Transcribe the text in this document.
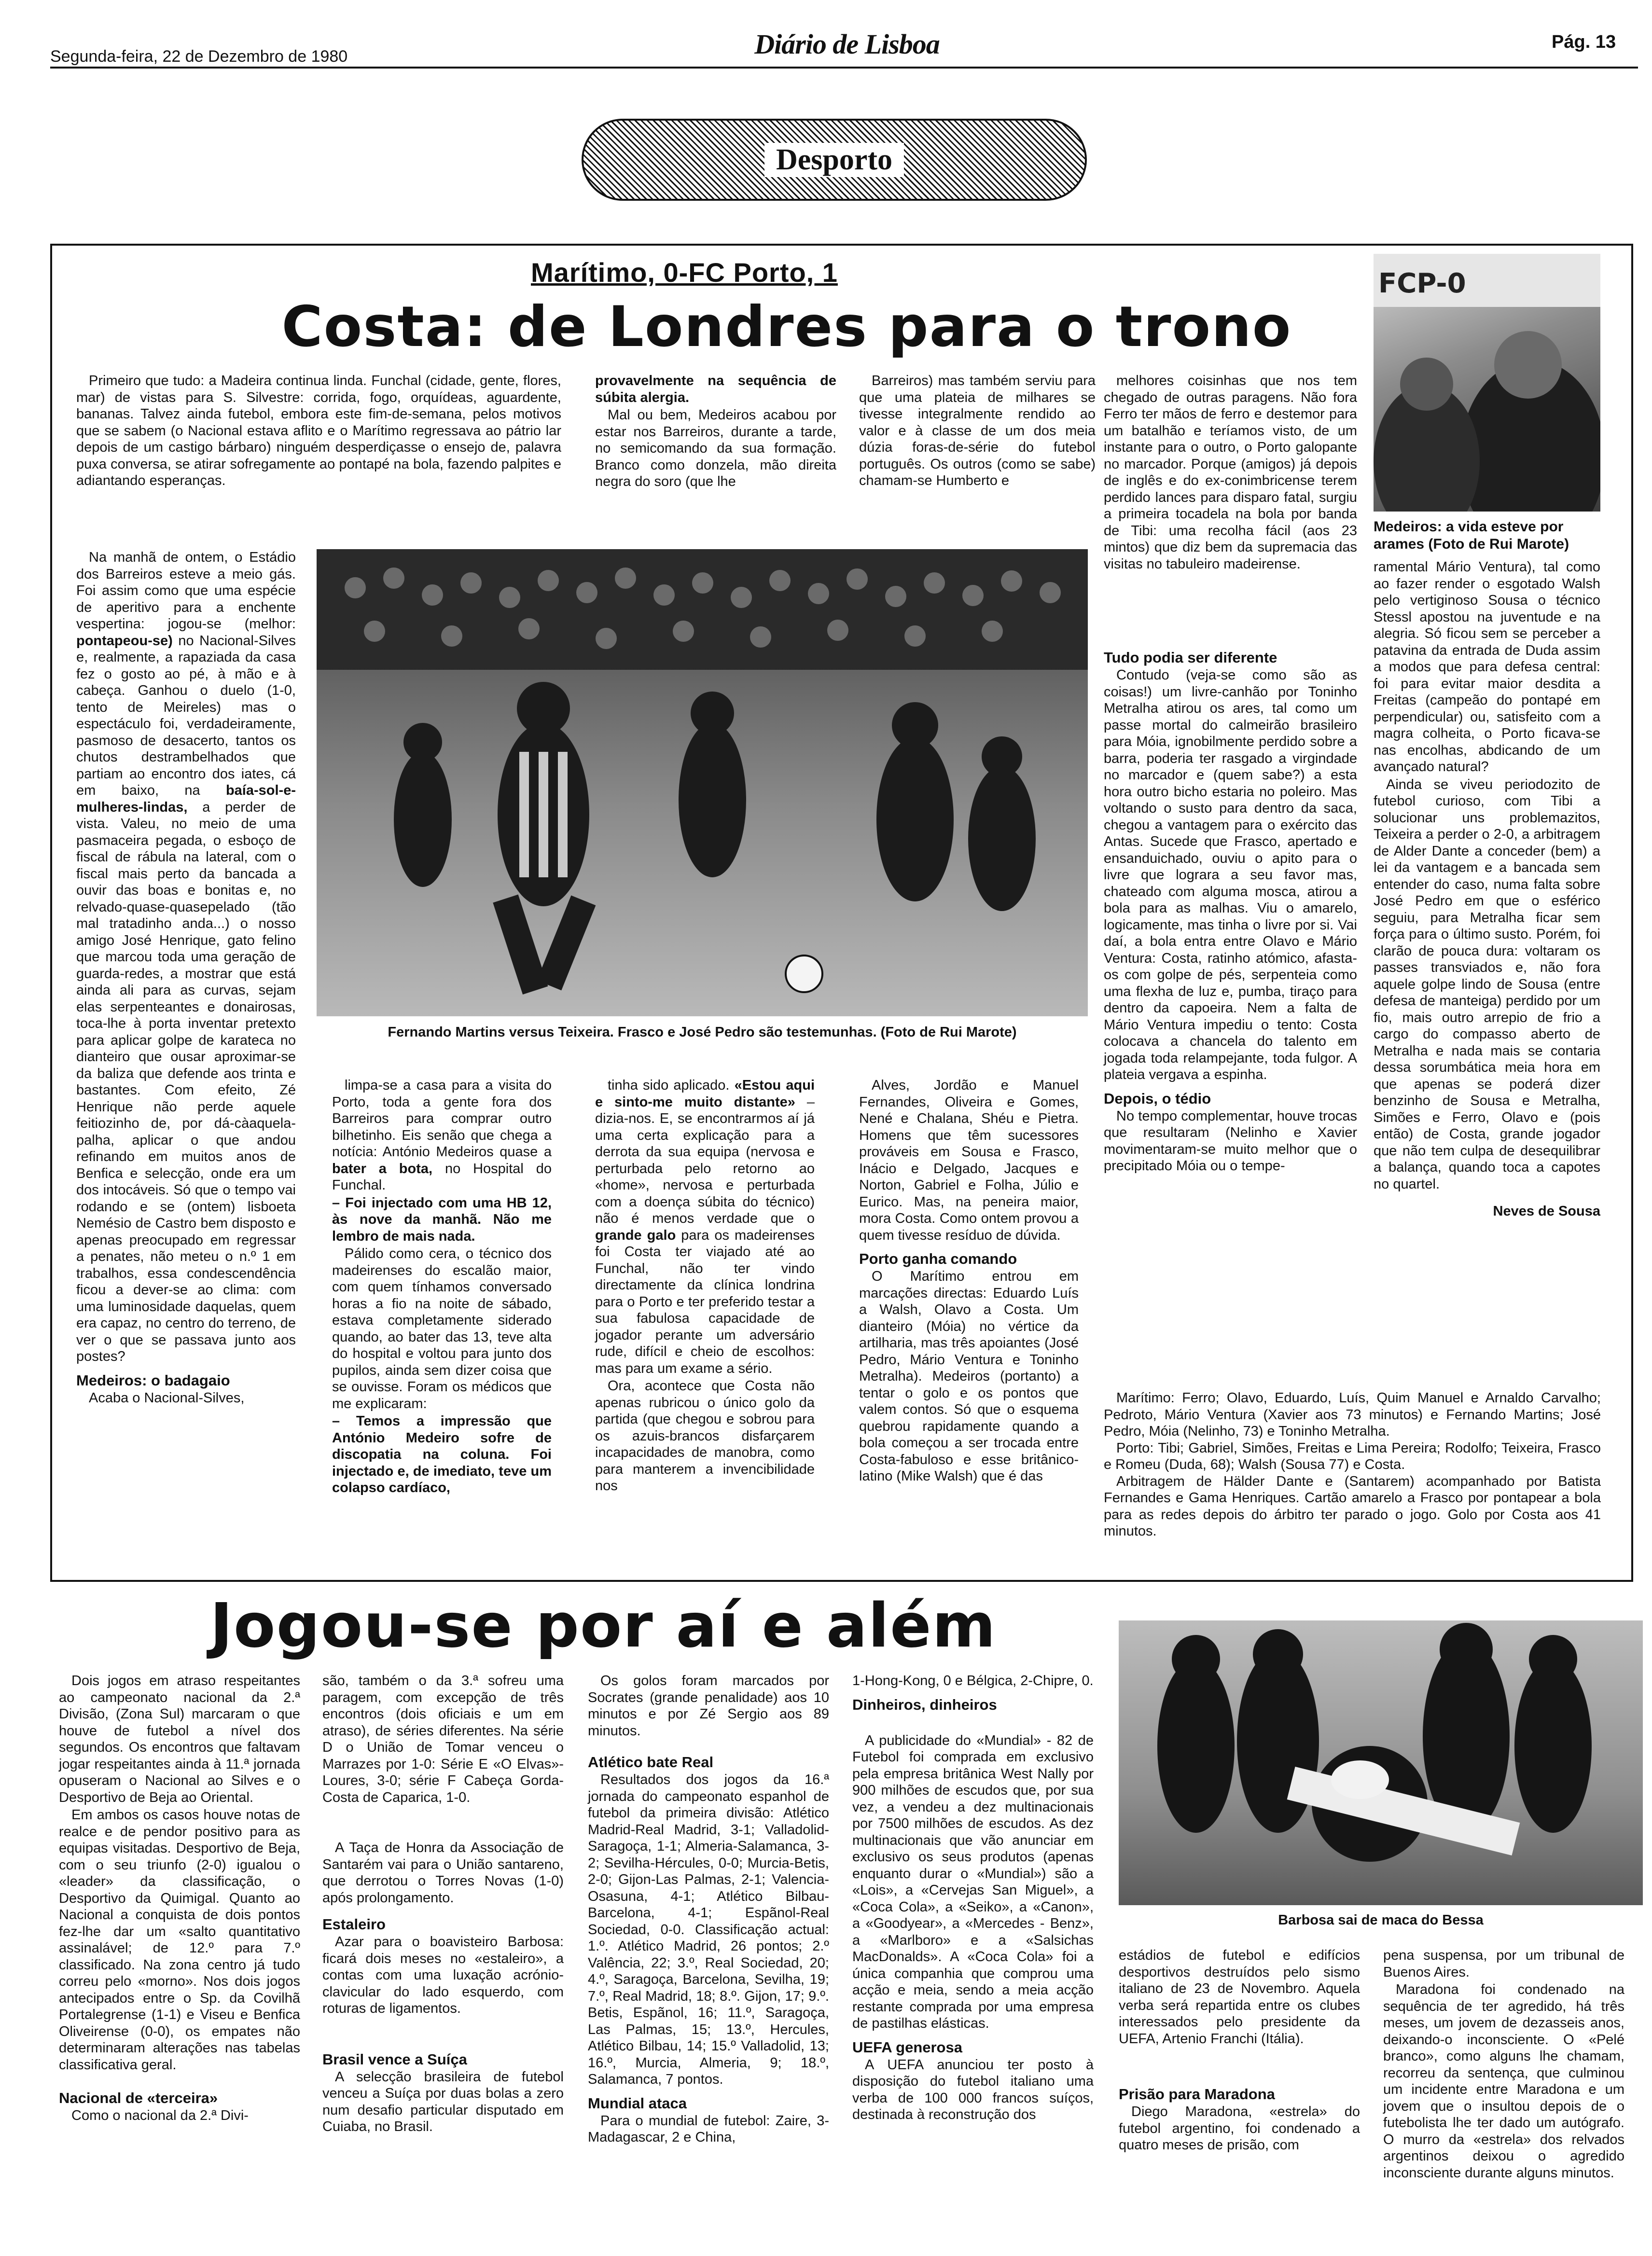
Segunda-feira, 22 de Dezembro de 1980	Diário de Lisboa	Pág. 13
Desporto
Marítimo, 0-FC Porto, 1
Costa: de Londres para o trono

Primeiro que tudo: a Madeira continua linda. Funchal (cidade, gente, flores, mar) de vistas para S. Silvestre: corrida, fogo, orquídeas, aguardente, bananas. Talvez ainda futebol, embora este fim-de-semana, pelos motivos que se sabem (o Nacional estava aflito e o Marítimo regressava ao pátrio lar depois de um castigo bárbaro) ninguém desperdiçasse o ensejo de, palavra puxa conversa, se atirar sofregamente ao pontapé na bola, fazendo palpites e adiantando esperanças.

provavelmente na sequência de súbita alergia.

Mal ou bem, Medeiros acabou por estar nos Barreiros, durante a tarde, no semicomando da sua formação. Branco como donzela, mão direita negra do soro (que lhe

Barreiros) mas também serviu para que uma plateia de milhares se tivesse integralmente rendido ao valor e à classe de um dos meia dúzia foras-de-série do futebol português. Os outros (como se sabe) chamam-se Humberto e

melhores coisinhas que nos tem chegado de outras paragens. Não fora Ferro ter mãos de ferro e destemor para um batalhão e teríamos visto, de um instante para o outro, o Porto galopante no marcador. Porque (amigos) já depois de inglês e do ex-conimbricense terem perdido lances para disparo fatal, surgiu a primeira tocadela na bola por banda de Tibi: uma recolha fácil (aos 23 mintos) que diz bem da supremacia das visitas no tabuleiro madeirense.

Na manhã de ontem, o Estádio dos Barreiros esteve a meio gás. Foi assim como que uma espécie de aperitivo para a enchente vespertina: jogou-se (melhor: pontapeou-se) no Nacional-Silves e, realmente, a rapaziada da casa fez o gosto ao pé, à mão e à cabeça. Ganhou o duelo (1-0, tento de Meireles) mas o espectáculo foi, verdadeiramente, pasmoso de desacerto, tantos os chutos destrambelhados que partiam ao encontro dos iates, cá em baixo, na baía-sol-e-mulheres-lindas, a perder de vista. Valeu, no meio de uma pasmaceira pegada, o esboço de fiscal de rábula na lateral, com o fiscal mais perto da bancada a ouvir das boas e bonitas e, no relvado-quase-quasepelado (tão mal tratadinho anda...) o nosso amigo José Henrique, gato felino que marcou toda uma geração de guarda-redes, a mostrar que está ainda ali para as curvas, sejam elas serpenteantes e donairosas, toca-lhe à porta inventar pretexto para aplicar golpe de karateca no dianteiro que ousar aproximar-se da baliza que defende aos trinta e bastantes. Com efeito, Zé Henrique não perde aquele feitiozinho de, por dá-càaquela-palha, aplicar o que andou refinando em muitos anos de Benfica e selecção, onde era um dos intocáveis. Só que o tempo vai rodando e se (ontem) lisboeta Nemésio de Castro bem disposto e apenas preocupado em regressar a penates, não meteu o n.º 1 em trabalhos, essa condescendência ficou a dever-se ao clima: com uma luminosidade daquelas, quem era capaz, no centro do terreno, de ver o que se passava junto aos postes?

Medeiros: o badagaio

Acaba o Nacional-Silves,

Fernando Martins versus Teixeira. Frasco e José Pedro são testemunhas. (Foto de Rui Marote)

limpa-se a casa para a visita do Porto, toda a gente fora dos Barreiros para comprar outro bilhetinho. Eis senão que chega a notícia: António Medeiros quase a bater a bota, no Hospital do Funchal.

– Foi injectado com uma HB 12, às nove da manhã. Não me lembro de mais nada.

Pálido como cera, o técnico dos madeirenses do escalão maior, com quem tínhamos conversado horas a fio na noite de sábado, estava completamente siderado quando, ao bater das 13, teve alta do hospital e voltou para junto dos pupilos, ainda sem dizer coisa que se ouvisse. Foram os médicos que me explicaram:

– Temos a impressão que António Medeiro sofre de discopatia na coluna. Foi injectado e, de imediato, teve um colapso cardíaco,

tinha sido aplicado. «Estou aqui e sinto-me muito distante» – dizia-nos. E, se encontrarmos aí já uma certa explicação para a derrota da sua equipa (nervosa e perturbada pelo retorno ao «home», nervosa e perturbada com a doença súbita do técnico) não é menos verdade que o grande galo para os madeirenses foi Costa ter viajado até ao Funchal, não ter vindo directamente da clínica londrina para o Porto e ter preferido testar a sua fabulosa capacidade de jogador perante um adversário rude, difícil e cheio de escolhos: mas para um exame a sério.

Ora, acontece que Costa não apenas rubricou o único golo da partida (que chegou e sobrou para os azuis-brancos disfarçarem incapacidades de manobra, como para manterem a invencibilidade nos

Alves, Jordão e Manuel Fernandes, Oliveira e Gomes, Nené e Chalana, Shéu e Pietra. Homens que têm sucessores prováveis em Sousa e Frasco, Inácio e Delgado, Jacques e Norton, Gabriel e Folha, Júlio e Eurico. Mas, na peneira maior, mora Costa. Como ontem provou a quem tivesse resíduo de dúvida.

Porto ganha comando

O Marítimo entrou em marcações directas: Eduardo Luís a Walsh, Olavo a Costa. Um dianteiro (Móia) no vértice da artilharia, mas três apoiantes (José Pedro, Mário Ventura e Toninho Metralha). Medeiros (portanto) a tentar o golo e os pontos que valem contos. Só que o esquema quebrou rapidamente quando a bola começou a ser trocada entre Costa-fabuloso e esse britânico-latino (Mike Walsh) que é das

Tudo podia ser diferente

Contudo (veja-se como são as coisas!) um livre-canhão por Toninho Metralha atirou os ares, tal como um passe mortal do calmeirão brasileiro para Móia, ignobilmente perdido sobre a barra, poderia ter rasgado a virgindade no marcador e (quem sabe?) a esta hora outro bicho estaria no poleiro. Mas voltando o susto para dentro da saca, chegou a vantagem para o exército das Antas. Sucede que Frasco, apertado e ensanduichado, ouviu o apito para o livre que lograra a seu favor mas, chateado com alguma mosca, atirou a bola para as malhas. Viu o amarelo, logicamente, mas tinha o livre por si. Vai daí, a bola entra entre Olavo e Mário Ventura: Costa, ratinho atómico, afasta-os com golpe de pés, serpenteia como uma flexha de luz e, pumba, tiraço para dentro da capoeira. Nem a falta de Mário Ventura impediu o tento: Costa colocava a chancela do talento em jogada toda relampejante, toda fulgor. A plateia vergava a espinha.

Depois, o tédio

No tempo complementar, houve trocas que resultaram (Nelinho e Xavier movimentaram-se muito melhor que o precipitado Móia ou o tempe-

FCP-0
Medeiros: a vida esteve por arames (Foto de Rui Marote)

ramental Mário Ventura), tal como ao fazer render o esgotado Walsh pelo vertiginoso Sousa o técnico Stessl apostou na juventude e na alegria. Só ficou sem se perceber a patavina da entrada de Duda assim a modos que para defesa central: foi para evitar maior desdita a Freitas (campeão do pontapé em perpendicular) ou, satisfeito com a magra colheita, o Porto ficava-se nas encolhas, abdicando de um avançado natural?

Ainda se viveu periodozito de futebol curioso, com Tibi a solucionar uns problemazitos, Teixeira a perder o 2-0, a arbitragem de Alder Dante a conceder (bem) a lei da vantagem e a bancada sem entender do caso, numa falta sobre José Pedro em que o esférico seguiu, para Metralha ficar sem força para o último susto. Porém, foi clarão de pouca dura: voltaram os passes transviados e, não fora aquele golpe lindo de Sousa (entre defesa de manteiga) perdido por um fio, mais outro arrepio de frio a cargo do compasso aberto de Metralha e nada mais se contaria dessa sorumbática meia hora em que apenas se poderá dizer benzinho de Sousa e Metralha, Simões e Ferro, Olavo e (pois então) de Costa, grande jogador que não tem culpa de desequilibrar a balança, quando toca a capotes no quartel.

Neves de Sousa

Marítimo: Ferro; Olavo, Eduardo, Luís, Quim Manuel e Arnaldo Carvalho; Pedroto, Mário Ventura (Xavier aos 73 minutos) e Fernando Martins; José Pedro, Móia (Nelinho, 73) e Toninho Metralha.

Porto: Tibi; Gabriel, Simões, Freitas e Lima Pereira; Rodolfo; Teixeira, Frasco e Romeu (Duda, 68); Walsh (Sousa 77) e Costa.

Arbitragem de Hälder Dante e (Santarem) acompanhado por Batista Fernandes e Gama Henriques. Cartão amarelo a Frasco por pontapear a bola para as redes depois do árbitro ter parado o jogo. Golo por Costa aos 41 minutos.

Jogou-se por aí e além

Dois jogos em atraso respeitantes ao campeonato nacional da 2.ª Divisão, (Zona Sul) marcaram o que houve de futebol a nível dos segundos. Os encontros que faltavam jogar respeitantes ainda à 11.ª jornada opuseram o Nacional ao Silves e o Desportivo de Beja ao Oriental.

Em ambos os casos houve notas de realce e de pendor positivo para as equipas visitadas. Desportivo de Beja, com o seu triunfo (2-0) igualou o «leader» da classificação, o Desportivo da Quimigal. Quanto ao Nacional a conquista de dois pontos fez-lhe dar um «salto quantitativo assinalável; de 12.º para 7.º classificado. Na zona centro já tudo correu pelo «morno». Nos dois jogos antecipados entre o Sp. da Covilhã Portalegrense (1-1) e Viseu e Benfica Oliveirense (0-0), os empates não determinaram alterações nas tabelas classificativa geral.

Nacional de «terceira»

Como o nacional da 2.ª Divi-

são, também o da 3.ª sofreu uma paragem, com excepção de três encontros (dois oficiais e um em atraso), de séries diferentes. Na série D o União de Tomar venceu o Marrazes por 1-0: Série E «O Elvas»-Loures, 3-0; série F Cabeça Gorda-Costa de Caparica, 1-0.

A Taça de Honra da Associação de Santarém vai para o União santareno, que derrotou o Torres Novas (1-0) após prolongamento.

Estaleiro

Azar para o boavisteiro Barbosa: ficará dois meses no «estaleiro», a contas com uma luxação acrónio-clavicular do lado esquerdo, com roturas de ligamentos.

Brasil vence a Suíça

A selecção brasileira de futebol venceu a Suíça por duas bolas a zero num desafio particular disputado em Cuiaba, no Brasil.

Os golos foram marcados por Socrates (grande penalidade) aos 10 minutos e por Zé Sergio aos 89 minutos.

Atlético bate Real

Resultados dos jogos da 16.ª jornada do campeonato espanhol de futebol da primeira divisão: Atlético Madrid-Real Madrid, 3-1; Valladolid-Saragoça, 1-1; Almeria-Salamanca, 3-2; Sevilha-Hércules, 0-0; Murcia-Betis, 2-0; Gijon-Las Palmas, 2-1; Valencia-Osasuna, 4-1; Atlético Bilbau-Barcelona, 4-1; Espãnol-Real Sociedad, 0-0. Classificação actual: 1.º. Atlético Madrid, 26 pontos; 2.º Valência, 22; 3.º, Real Sociedad, 20; 4.º, Saragoça, Barcelona, Sevilha, 19; 7.º, Real Madrid, 18; 8.º. Gijon, 17; 9.º. Betis, Espãnol, 16; 11.º, Saragoça, Las Palmas, 15; 13.º, Hercules, Atlético Bilbau, 14; 15.º Valladolid, 13; 16.º, Murcia, Almeria, 9; 18.º, Salamanca, 7 pontos.

Mundial ataca

Para o mundial de futebol: Zaire, 3-Madagascar, 2 e China,

1-Hong-Kong, 0 e Bélgica, 2-Chipre, 0.

Dinheiros, dinheiros

A publicidade do «Mundial» - 82 de Futebol foi comprada em exclusivo pela empresa britânica West Nally por 900 milhões de escudos que, por sua vez, a vendeu a dez multinacionais por 7500 milhões de escudos. As dez multinacionais que vão anunciar em exclusivo os seus produtos (apenas enquanto durar o «Mundial») são a «Lois», a «Cervejas San Miguel», a «Coca Cola», a «Seiko», a «Canon», a «Goodyear», a «Mercedes - Benz», a «Marlboro» e a «Salsichas MacDonalds». A «Coca Cola» foi a única companhia que comprou uma acção e meia, sendo a meia acção restante comprada por uma empresa de pastilhas elásticas.

UEFA generosa

A UEFA anunciou ter posto à disposição do futebol italiano uma verba de 100 000 francos suíços, destinada à reconstrução dos

Barbosa sai de maca do Bessa

estádios de futebol e edifícios desportivos destruídos pelo sismo italiano de 23 de Novembro. Aquela verba será repartida entre os clubes interessados pelo presidente da UEFA, Artenio Franchi (Itália).

Prisão para Maradona

Diego Maradona, «estrela» do futebol argentino, foi condenado a quatro meses de prisão, com

pena suspensa, por um tribunal de Buenos Aires.

Maradona foi condenado na sequência de ter agredido, há três meses, um jovem de dezasseis anos, deixando-o inconsciente. O «Pelé branco», como alguns lhe chamam, recorreu da sentença, que culminou um incidente entre Maradona e um jovem que o insultou depois de o futebolista lhe ter dado um autógrafo. O murro da «estrela» dos relvados argentinos deixou o agredido inconsciente durante alguns minutos.
